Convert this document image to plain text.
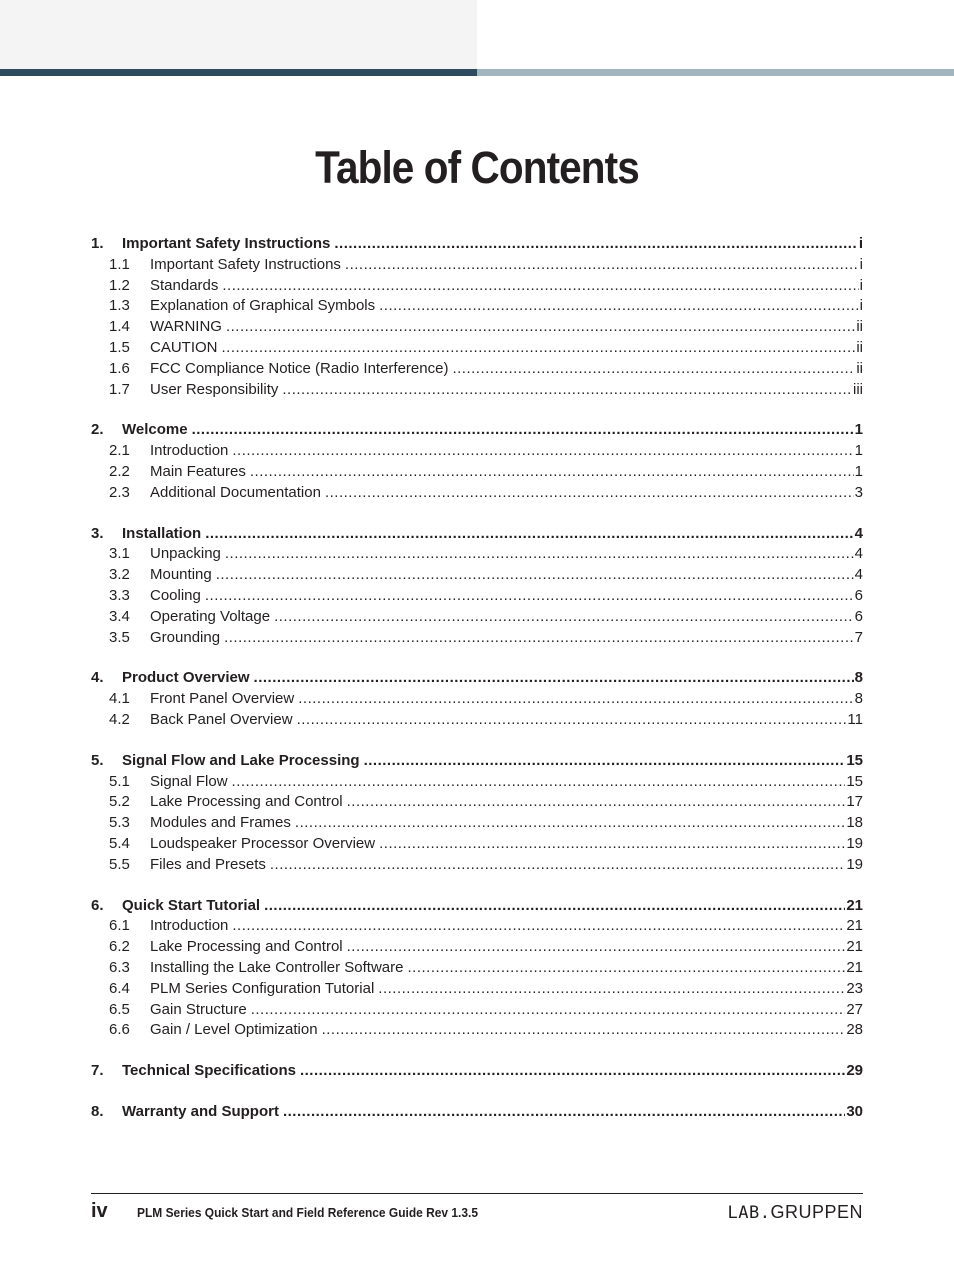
Table of Contents
1.	Important Safety Instructions .....	i
1.1	Important Safety Instructions .....	i
1.2	Standards .....	i
1.3	Explanation of Graphical Symbols .....	i
1.4	WARNING .....	ii
1.5	CAUTION .....	ii
1.6	FCC Compliance Notice (Radio Interference) .....	ii
1.7	User Responsibility .....	iii
2.	Welcome .....	1
2.1	Introduction .....	1
2.2	Main Features .....	1
2.3	Additional Documentation .....	3
3.	Installation .....	4
3.1	Unpacking .....	4
3.2	Mounting .....	4
3.3	Cooling .....	6
3.4	Operating Voltage .....	6
3.5	Grounding .....	7
4.	Product Overview .....	8
4.1	Front Panel Overview .....	8
4.2	Back Panel Overview .....	11
5.	Signal Flow and Lake Processing .....	15
5.1	Signal Flow .....	15
5.2	Lake Processing and Control .....	17
5.3	Modules and Frames .....	18
5.4	Loudspeaker Processor Overview .....	19
5.5	Files and Presets .....	19
6.	Quick Start Tutorial .....	21
6.1	Introduction .....	21
6.2	Lake Processing and Control .....	21
6.3	Installing the Lake Controller Software .....	21
6.4	PLM Series Configuration Tutorial .....	23
6.5	Gain Structure .....	27
6.6	Gain / Level Optimization .....	28
7.	Technical Specifications .....	29
8.	Warranty and Support .....	30
iv PLM Series Quick Start and Field Reference Guide Rev 1.3.5	LAB.GRUPPEN
